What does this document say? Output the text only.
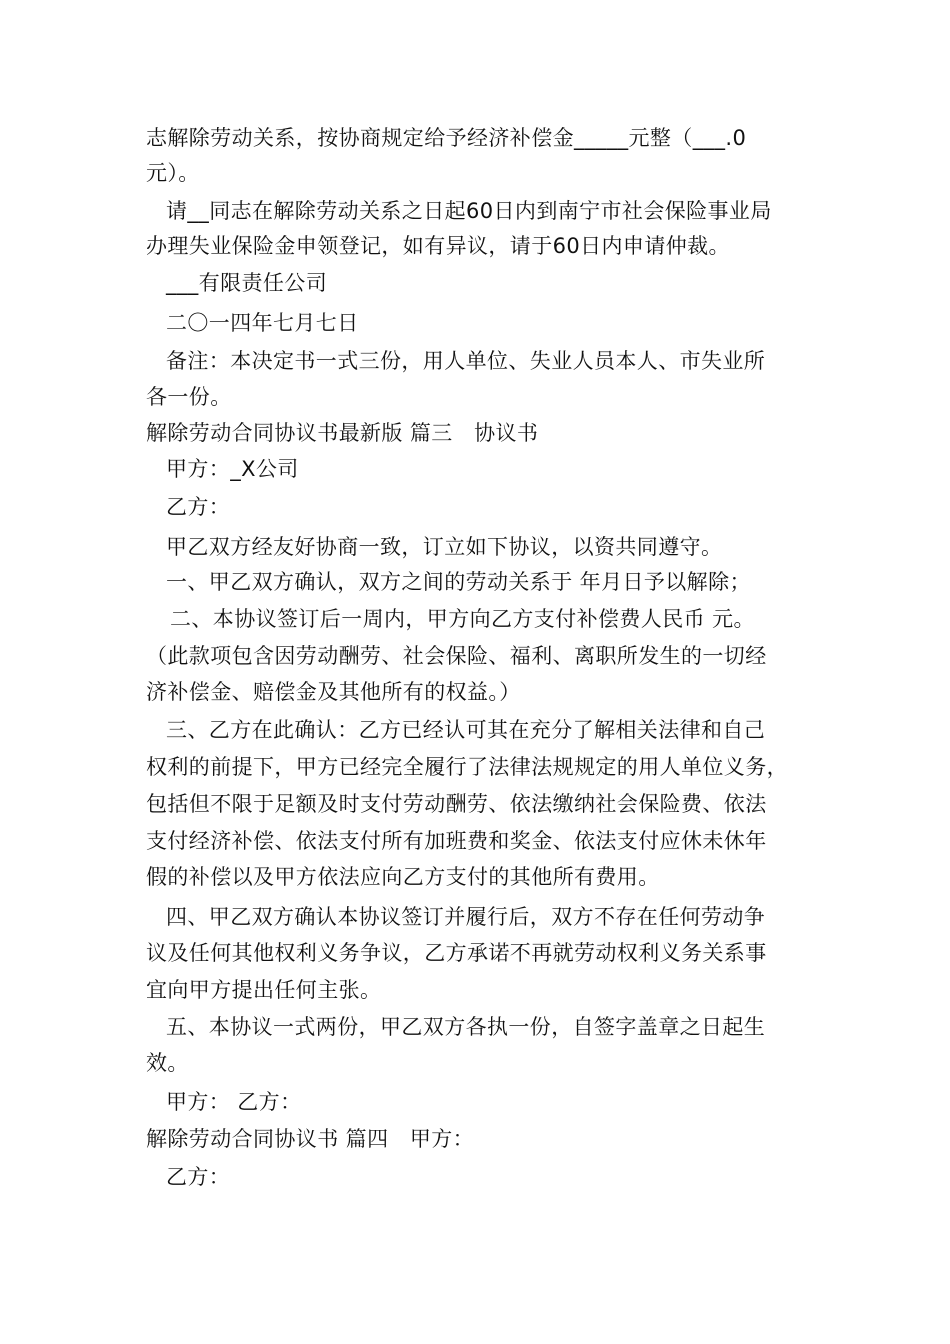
志解除劳动关系，按协商规定给予经济补偿金_____元整（___.0
元）。
请__同志在解除劳动关系之日起60日内到南宁市社会保险事业局
办理失业保险金申领登记，如有异议，请于60日内申请仲裁。
___有限责任公司
二〇一四年七月七日
备注：本决定书一式三份，用人单位、失业人员本人、市失业所
各一份。
解除劳动合同协议书最新版 篇三　协议书
甲方：_X公司
乙方：
甲乙双方经友好协商一致，订立如下协议，以资共同遵守。
一、甲乙双方确认，双方之间的劳动关系于 年月日予以解除；
二、本协议签订后一周内，甲方向乙方支付补偿费人民币 元。
（此款项包含因劳动酬劳、社会保险、福利、离职所发生的一切经
济补偿金、赔偿金及其他所有的权益。）
三、乙方在此确认：乙方已经认可其在充分了解相关法律和自己
权利的前提下，甲方已经完全履行了法律法规规定的用人单位义务，
包括但不限于足额及时支付劳动酬劳、依法缴纳社会保险费、依法
支付经济补偿、依法支付所有加班费和奖金、依法支付应休未休年
假的补偿以及甲方依法应向乙方支付的其他所有费用。
四、甲乙双方确认本协议签订并履行后，双方不存在任何劳动争
议及任何其他权利义务争议，乙方承诺不再就劳动权利义务关系事
宜向甲方提出任何主张。
五、本协议一式两份，甲乙双方各执一份，自签字盖章之日起生
效。
甲方： 乙方：
解除劳动合同协议书 篇四　甲方：
乙方：
